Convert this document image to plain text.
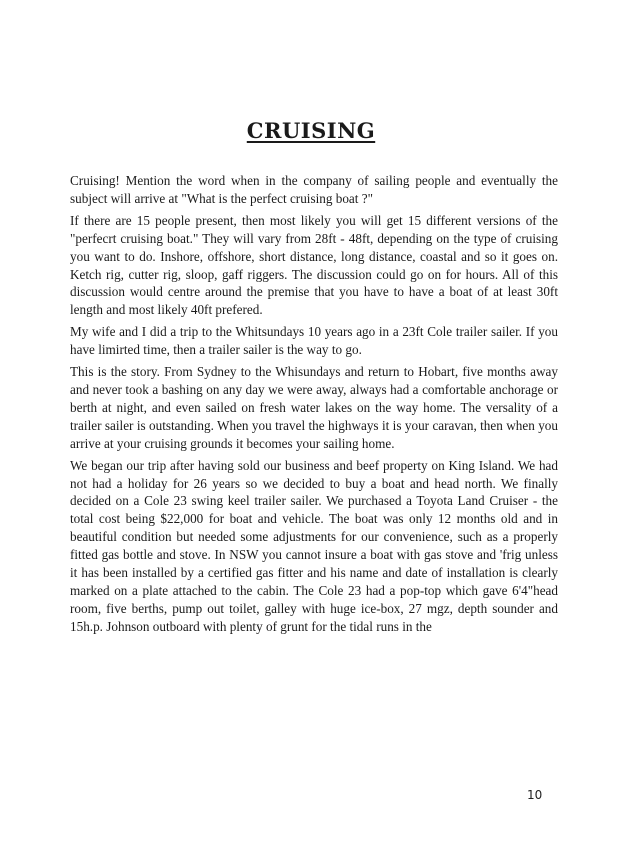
CRUISING

Cruising! Mention the word when in the company of sailing people and eventually the subject will arrive at "What is the perfect cruising boat ?"

If there are 15 people present, then most likely you will get 15 different versions of the "perfecrt cruising boat." They will vary from 28ft - 48ft, depending on the type of cruising you want to do. Inshore, offshore, short distance, long distance, coastal and so it goes on. Ketch rig, cutter rig, sloop, gaff riggers. The discussion could go on for hours. All of this discussion would centre around the premise that you have to have a boat of at least 30ft length and most likely 40ft prefered.

My wife and I did a trip to the Whitsundays 10 years ago in a 23ft Cole trailer sailer. If you have limirted time, then a trailer sailer is the way to go.

This is the story. From Sydney to the Whisundays and return to Hobart, five months away and never took a bashing on any day we were away, always had a comfortable anchorage or berth at night, and even sailed on fresh water lakes on the way home. The versality of a trailer sailer is outstanding. When you travel the highways it is your caravan, then when you arrive at your cruising grounds it becomes your sailing home.

We began our trip after having sold our business and beef property on King Island. We had not had a holiday for 26 years so we decided to buy a boat and head north. We finally decided on a Cole 23 swing keel trailer sailer. We purchased a Toyota Land Cruiser - the total cost being $22,000 for boat and vehicle. The boat was only 12 months old and in beautiful condition but needed some adjustments for our convenience, such as a properly fitted gas bottle and stove. In NSW you cannot insure a boat with gas stove and 'frig unless it has been installed by a certified gas fitter and his name and date of installation is clearly marked on a plate attached to the cabin. The Cole 23 had a pop-top which gave 6'4"head room, five berths, pump out toilet, galley with huge ice-box, 27 mgz, depth sounder and 15h.p. Johnson outboard with plenty of grunt for the tidal runs in the

10
